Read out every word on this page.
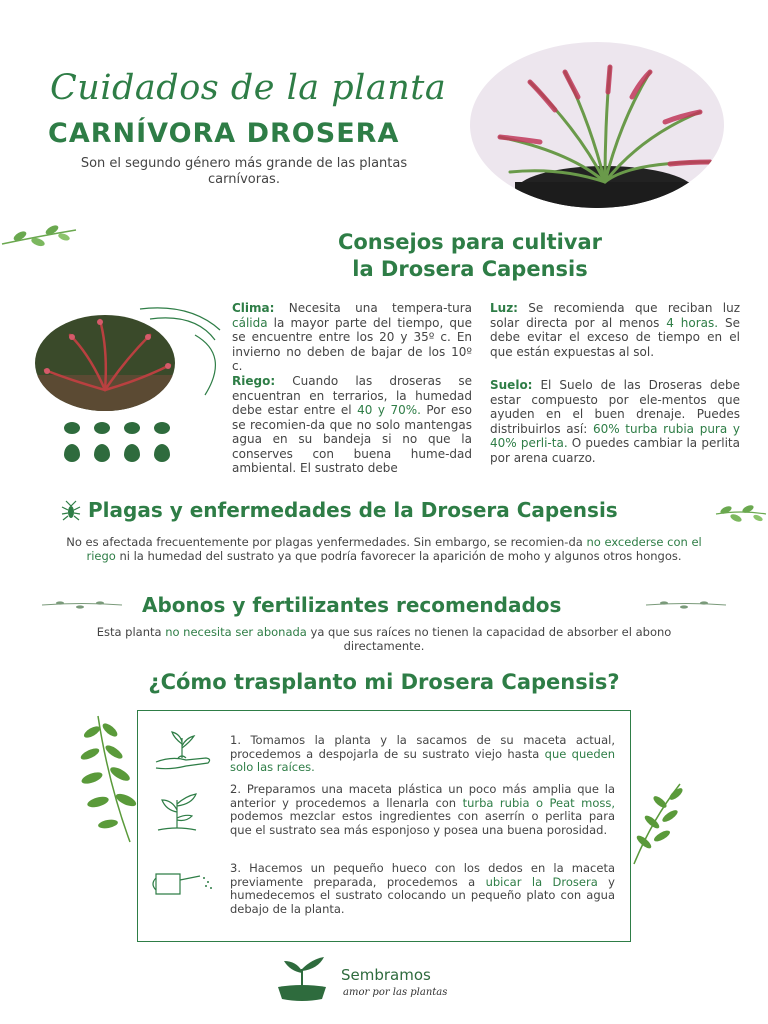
Cuidados de la planta
CARNÍVORA DROSERA
Son el segundo género más grande de las plantas carnívoras.
Consejos para cultivar
la Drosera Capensis
Clima: Necesita una tempera-tura cálida la mayor parte del tiempo, que se encuentre entre los 20 y 35º c. En invierno no deben de bajar de los 10º c.
Riego: Cuando las droseras se encuentran en terrarios, la humedad debe estar entre el 40 y 70%. Por eso se recomien-da que no solo mantengas agua en su bandeja si no que la conserves con buena hume-dad ambiental. El sustrato debe
Luz: Se recomienda que reciban luz solar directa por al menos 4 horas. Se debe evitar el exceso de tiempo en el que están expuestas al sol.
Suelo: El Suelo de las Droseras debe estar compuesto por ele-mentos que ayuden en el buen drenaje. Puedes distribuirlos así: 60% turba rubia pura y 40% perli-ta. O puedes cambiar la perlita por arena cuarzo.
Plagas y enfermedades de la Drosera Capensis
No es afectada frecuentemente por plagas yenfermedades. Sin embargo, se recomien-da no excederse con el riego ni la humedad del sustrato ya que podría favorecer la aparición de moho y algunos otros hongos.
Abonos y fertilizantes recomendados
Esta planta no necesita ser abonada ya que sus raíces no tienen la capacidad de absorber el abono directamente.
¿Cómo trasplanto mi Drosera Capensis?
1. Tomamos la planta y la sacamos de su maceta actual, procedemos a despojarla de su sustrato viejo hasta que queden solo las raíces.
2. Preparamos una maceta plástica un poco más amplia que la anterior y procedemos a llenarla con turba rubia o Peat moss, podemos mezclar estos ingredientes con aserrín o perlita para que el sustrato sea más esponjoso y posea una buena porosidad.
3. Hacemos un pequeño hueco con los dedos en la maceta previamente preparada, procedemos a ubicar la Drosera y humedecemos el sustrato colocando un pequeño plato con agua debajo de la planta.
Sembramos
amor por las plantas
